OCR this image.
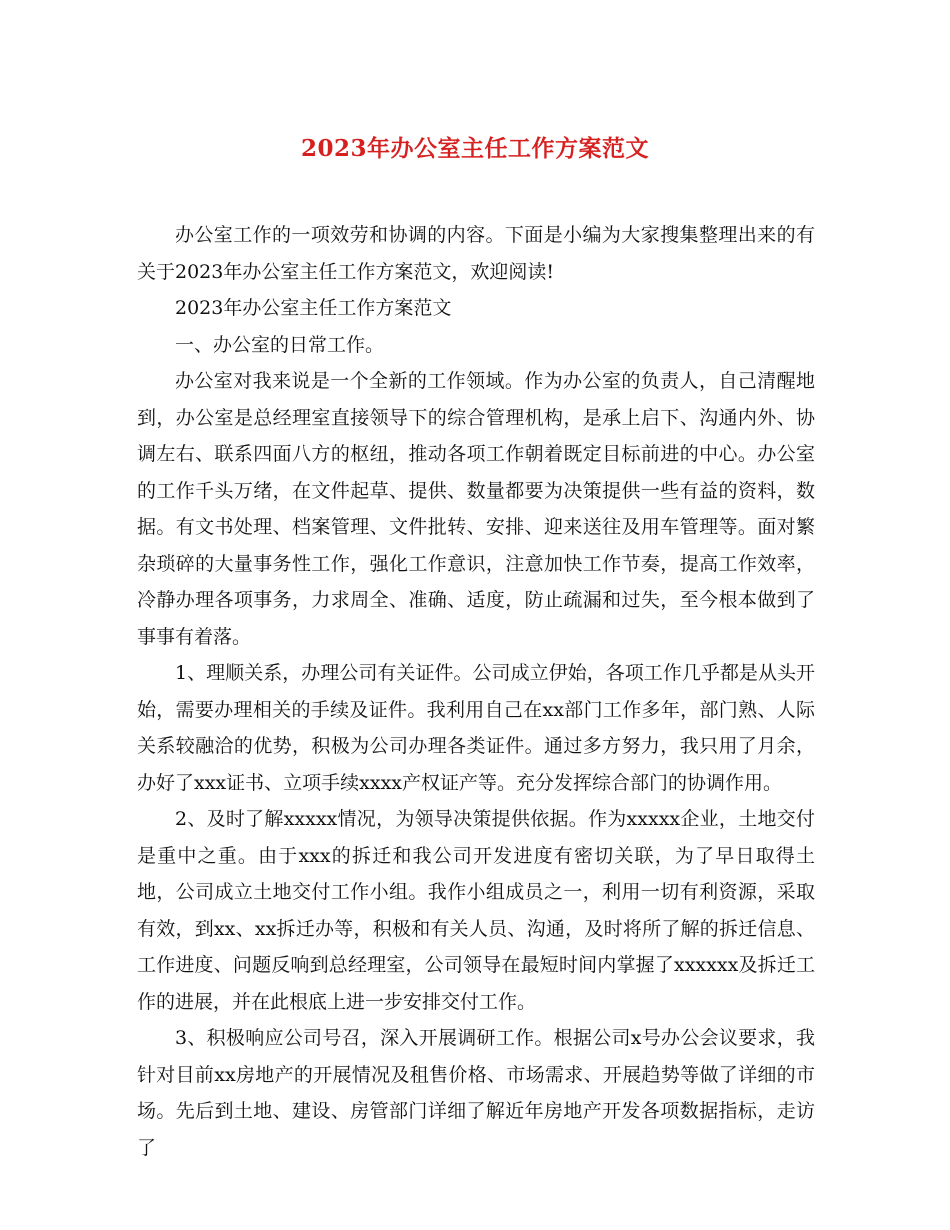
2023年办公室主任工作方案范文

办公室工作的一项效劳和协调的内容。下面是小编为大家搜集整理出来的有关于2023年办公室主任工作方案范文，欢迎阅读!

2023年办公室主任工作方案范文

一、办公室的日常工作。

办公室对我来说是一个全新的工作领域。作为办公室的负责人，自己清醒地到，办公室是总经理室直接领导下的综合管理机构，是承上启下、沟通内外、协调左右、联系四面八方的枢纽，推动各项工作朝着既定目标前进的中心。办公室的工作千头万绪，在文件起草、提供、数量都要为决策提供一些有益的资料，数据。有文书处理、档案管理、文件批转、安排、迎来送往及用车管理等。面对繁杂琐碎的大量事务性工作，强化工作意识，注意加快工作节奏，提高工作效率，冷静办理各项事务，力求周全、准确、适度，防止疏漏和过失，至今根本做到了事事有着落。

1、理顺关系，办理公司有关证件。公司成立伊始，各项工作几乎都是从头开始，需要办理相关的手续及证件。我利用自己在xx部门工作多年，部门熟、人际关系较融洽的优势，积极为公司办理各类证件。通过多方努力，我只用了月余，办好了xxx证书、立项手续xxxx产权证产等。充分发挥综合部门的协调作用。

2、及时了解xxxxx情况，为领导决策提供依据。作为xxxxx企业，土地交付是重中之重。由于xxx的拆迁和我公司开发进度有密切关联，为了早日取得土地，公司成立土地交付工作小组。我作小组成员之一，利用一切有利资源，采取有效，到xx、xx拆迁办等，积极和有关人员、沟通，及时将所了解的拆迁信息、工作进度、问题反响到总经理室，公司领导在最短时间内掌握了xxxxxx及拆迁工作的进展，并在此根底上进一步安排交付工作。

3、积极响应公司号召，深入开展调研工作。根据公司x号办公会议要求，我针对目前xx房地产的开展情况及租售价格、市场需求、开展趋势等做了详细的市场。先后到土地、建设、房管部门详细了解近年房地产开发各项数据指标，走访了
